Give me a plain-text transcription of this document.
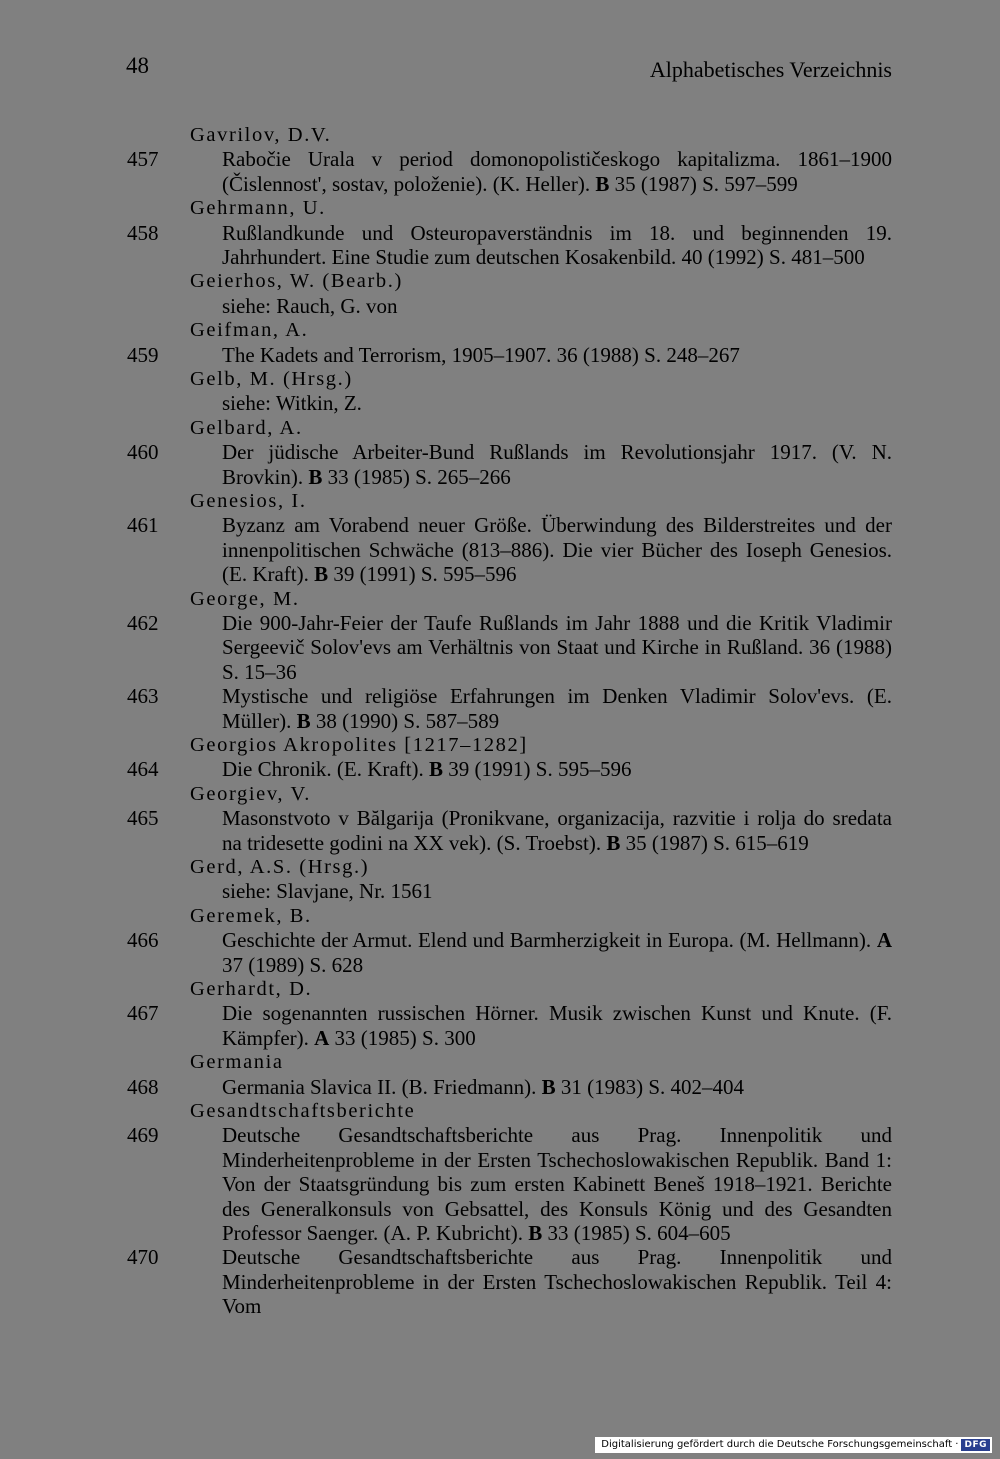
48	Alphabetisches Verzeichnis
Gavrilov, D.V.
457	Rabočie Urala v period domonopolističeskogo kapitalizma. 1861–1900 (Čislennost', sostav, položenie). (K. Heller). B 35 (1987) S. 597–599
Gehrmann, U.
458	Rußlandkunde und Osteuropaverständnis im 18. und beginnenden 19. Jahrhundert. Eine Studie zum deutschen Kosakenbild. 40 (1992) S. 481–500
Geierhos, W. (Bearb.)
siehe: Rauch, G. von
Geifman, A.
459	The Kadets and Terrorism, 1905–1907. 36 (1988) S. 248–267
Gelb, M. (Hrsg.)
siehe: Witkin, Z.
Gelbard, A.
460	Der jüdische Arbeiter-Bund Rußlands im Revolutionsjahr 1917. (V. N. Brovkin). B 33 (1985) S. 265–266
Genesios, I.
461	Byzanz am Vorabend neuer Größe. Überwindung des Bilderstreites und der innenpolitischen Schwäche (813–886). Die vier Bücher des Ioseph Genesios. (E. Kraft). B 39 (1991) S. 595–596
George, M.
462	Die 900-Jahr-Feier der Taufe Rußlands im Jahr 1888 und die Kritik Vladimir Sergeevič Solov'evs am Verhältnis von Staat und Kirche in Rußland. 36 (1988) S. 15–36
463	Mystische und religiöse Erfahrungen im Denken Vladimir Solov'evs. (E. Müller). B 38 (1990) S. 587–589
Georgios Akropolites [1217–1282]
464	Die Chronik. (E. Kraft). B 39 (1991) S. 595–596
Georgiev, V.
465	Masonstvoto v Bălgarija (Pronikvane, organizacija, razvitie i rolja do sredata na tridesette godini na XX vek). (S. Troebst). B 35 (1987) S. 615–619
Gerd, A.S. (Hrsg.)
siehe: Slavjane, Nr. 1561
Geremek, B.
466	Geschichte der Armut. Elend und Barmherzigkeit in Europa. (M. Hellmann). A 37 (1989) S. 628
Gerhardt, D.
467	Die sogenannten russischen Hörner. Musik zwischen Kunst und Knute. (F. Kämpfer). A 33 (1985) S. 300
Germania
468	Germania Slavica II. (B. Friedmann). B 31 (1983) S. 402–404
Gesandtschaftsberichte
469	Deutsche Gesandtschaftsberichte aus Prag. Innenpolitik und Minderheitenprobleme in der Ersten Tschechoslowakischen Republik. Band 1: Von der Staatsgründung bis zum ersten Kabinett Beneš 1918–1921. Berichte des Generalkonsuls von Gebsattel, des Konsuls König und des Gesandten Professor Saenger. (A. P. Kubricht). B 33 (1985) S. 604–605
470	Deutsche Gesandtschaftsberichte aus Prag. Innenpolitik und Minderheitenprobleme in der Ersten Tschechoslowakischen Republik. Teil 4: Vom
Digitalisierung gefördert durch die Deutsche Forschungsgemeinschaft · DFG
